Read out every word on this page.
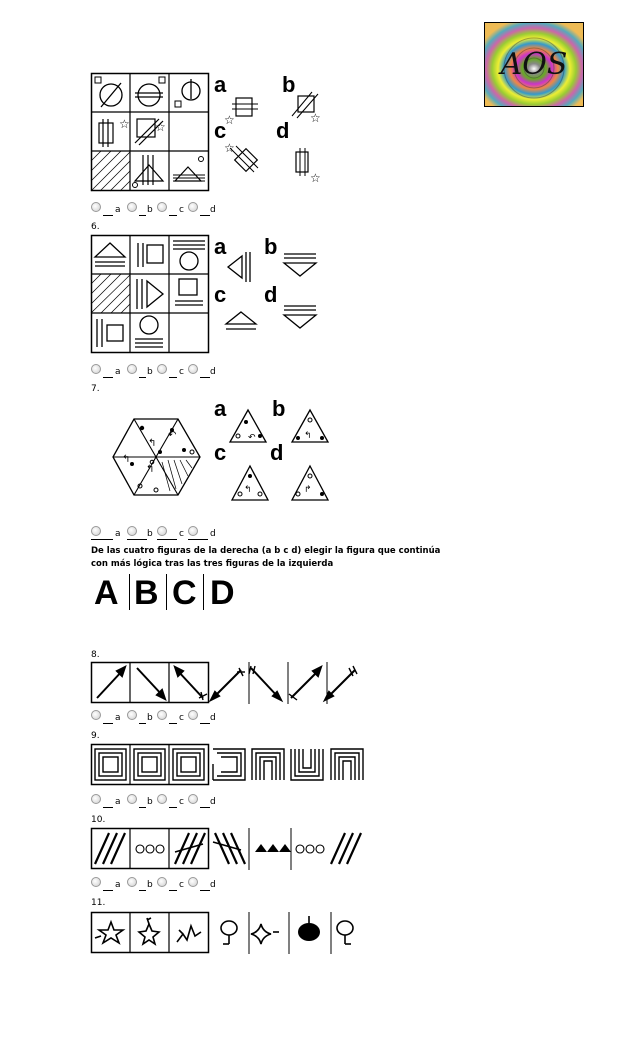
AOS
☆ ☆
a	b
c d
☆	☆
☆
☆
a	b	c	d
6.
a b
c d
a	b	c	d
7.
↰
↶
↰
↰
a b
c d
↶	↰
↰	↱
a	b	c	d
De las cuatro figuras de la derecha (a b c d) elegir la figura que continúa
con más lógica tras las tres figuras de la izquierda
A B C D
8.
a	b	c	d
9.
a	b	c	d
10.
a	b	c	d
11.
